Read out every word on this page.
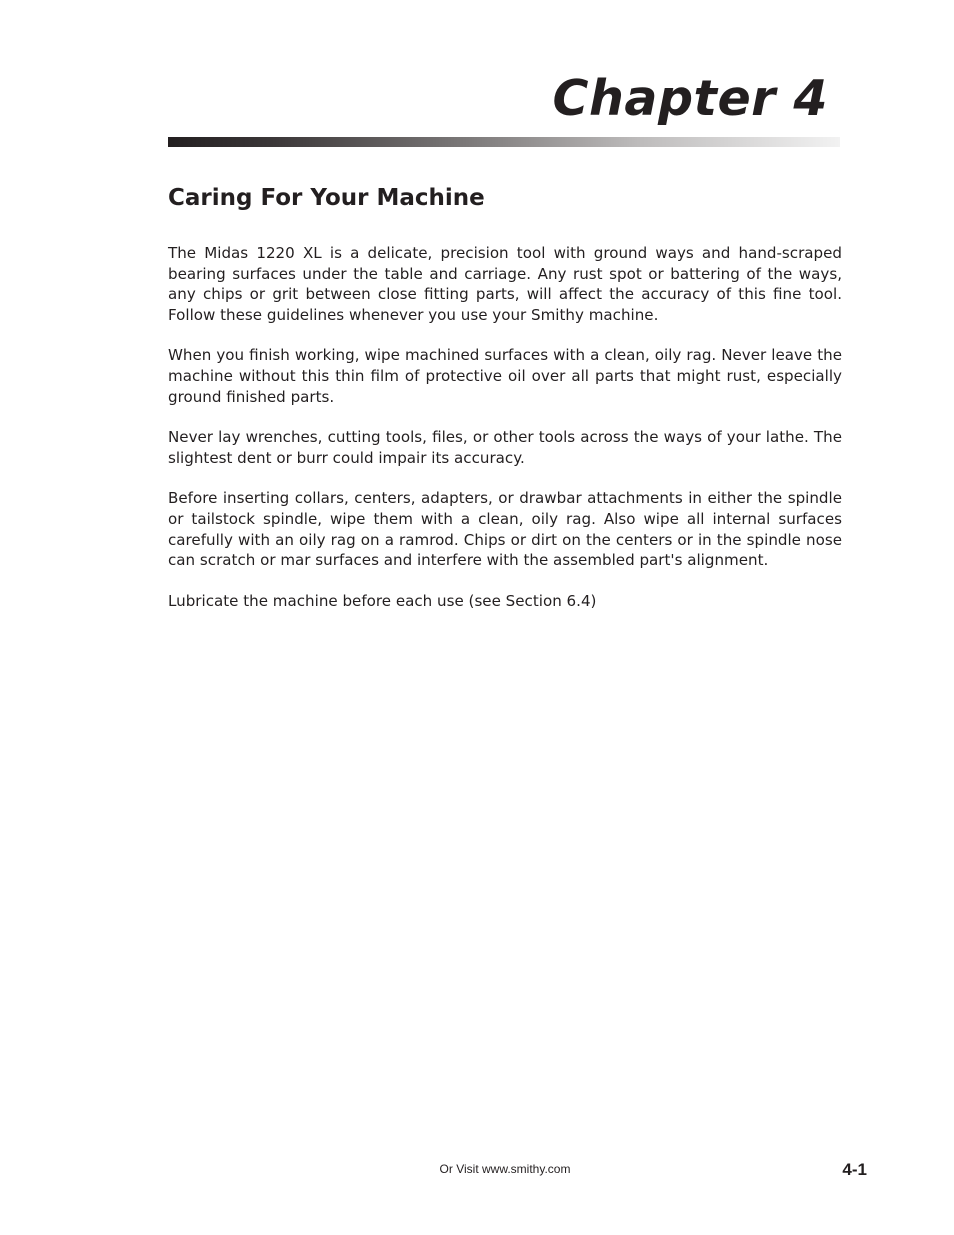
Chapter 4
Caring For Your Machine

The Midas 1220 XL is a delicate, precision tool with ground ways and hand-scraped bearing surfaces under the table and carriage. Any rust spot or battering of the ways, any chips or grit between close fitting parts, will affect the accuracy of this fine tool. Follow these guidelines whenever you use your Smithy machine.

When you finish working, wipe machined surfaces with a clean, oily rag. Never leave the machine without this thin film of protective oil over all parts that might rust, especially ground finished parts.

Never lay wrenches, cutting tools, files, or other tools across the ways of your lathe. The slightest dent or burr could impair its accuracy.

Before inserting collars, centers, adapters, or drawbar attachments in either the spindle or tailstock spindle, wipe them with a clean, oily rag. Also wipe all internal surfaces carefully with an oily rag on a ramrod. Chips or dirt on the centers or in the spindle nose can scratch or mar surfaces and interfere with the assembled part's alignment.

Lubricate the machine before each use (see Section 6.4)

Or Visit www.smithy.com	4-1
